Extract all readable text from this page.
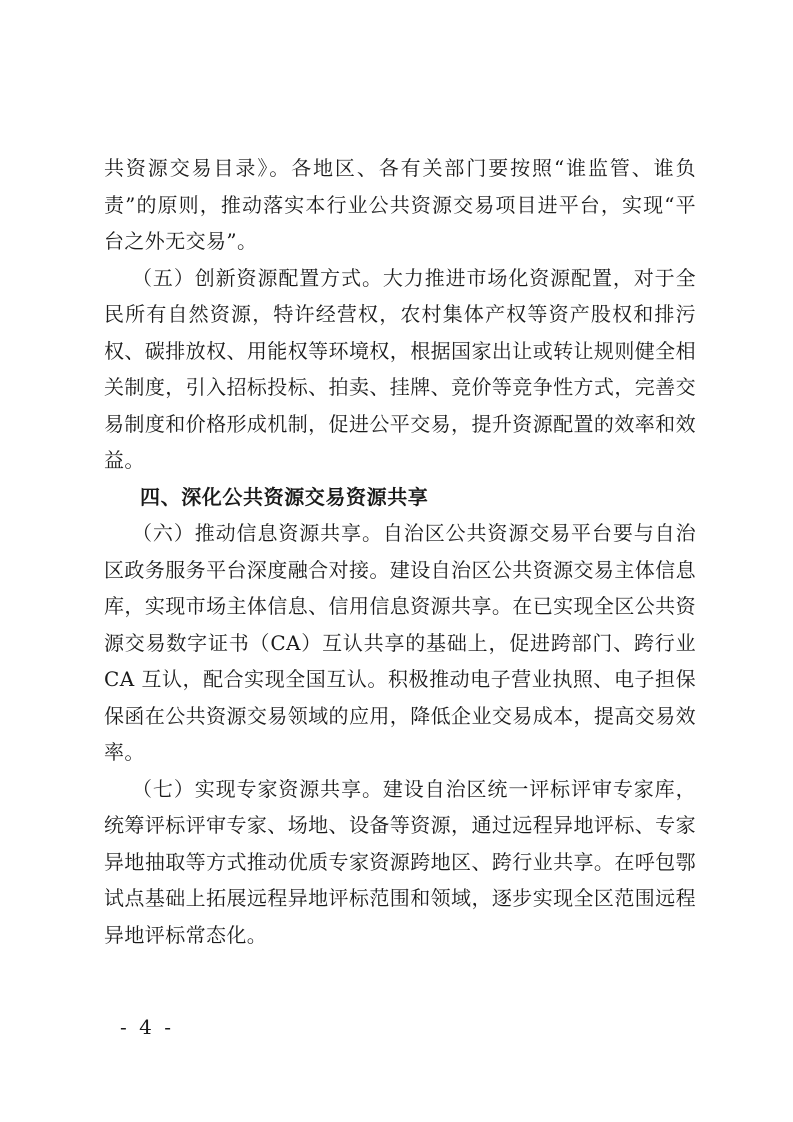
共资源交易目录》。各地区、各有关部门要按照“谁监管、谁负责”的原则，推动落实本行业公共资源交易项目进平台，实现“平台之外无交易”。

（五）创新资源配置方式。大力推进市场化资源配置，对于全民所有自然资源，特许经营权，农村集体产权等资产股权和排污权、碳排放权、用能权等环境权，根据国家出让或转让规则健全相关制度，引入招标投标、拍卖、挂牌、竞价等竞争性方式，完善交易制度和价格形成机制，促进公平交易，提升资源配置的效率和效益。

四、深化公共资源交易资源共享

（六）推动信息资源共享。自治区公共资源交易平台要与自治区政务服务平台深度融合对接。建设自治区公共资源交易主体信息库，实现市场主体信息、信用信息资源共享。在已实现全区公共资源交易数字证书（CA）互认共享的基础上，促进跨部门、跨行业 CA 互认，配合实现全国互认。积极推动电子营业执照、电子担保保函在公共资源交易领域的应用，降低企业交易成本，提高交易效率。

（七）实现专家资源共享。建设自治区统一评标评审专家库，统筹评标评审专家、场地、设备等资源，通过远程异地评标、专家异地抽取等方式推动优质专家资源跨地区、跨行业共享。在呼包鄂试点基础上拓展远程异地评标范围和领域，逐步实现全区范围远程异地评标常态化。

- 4 -
